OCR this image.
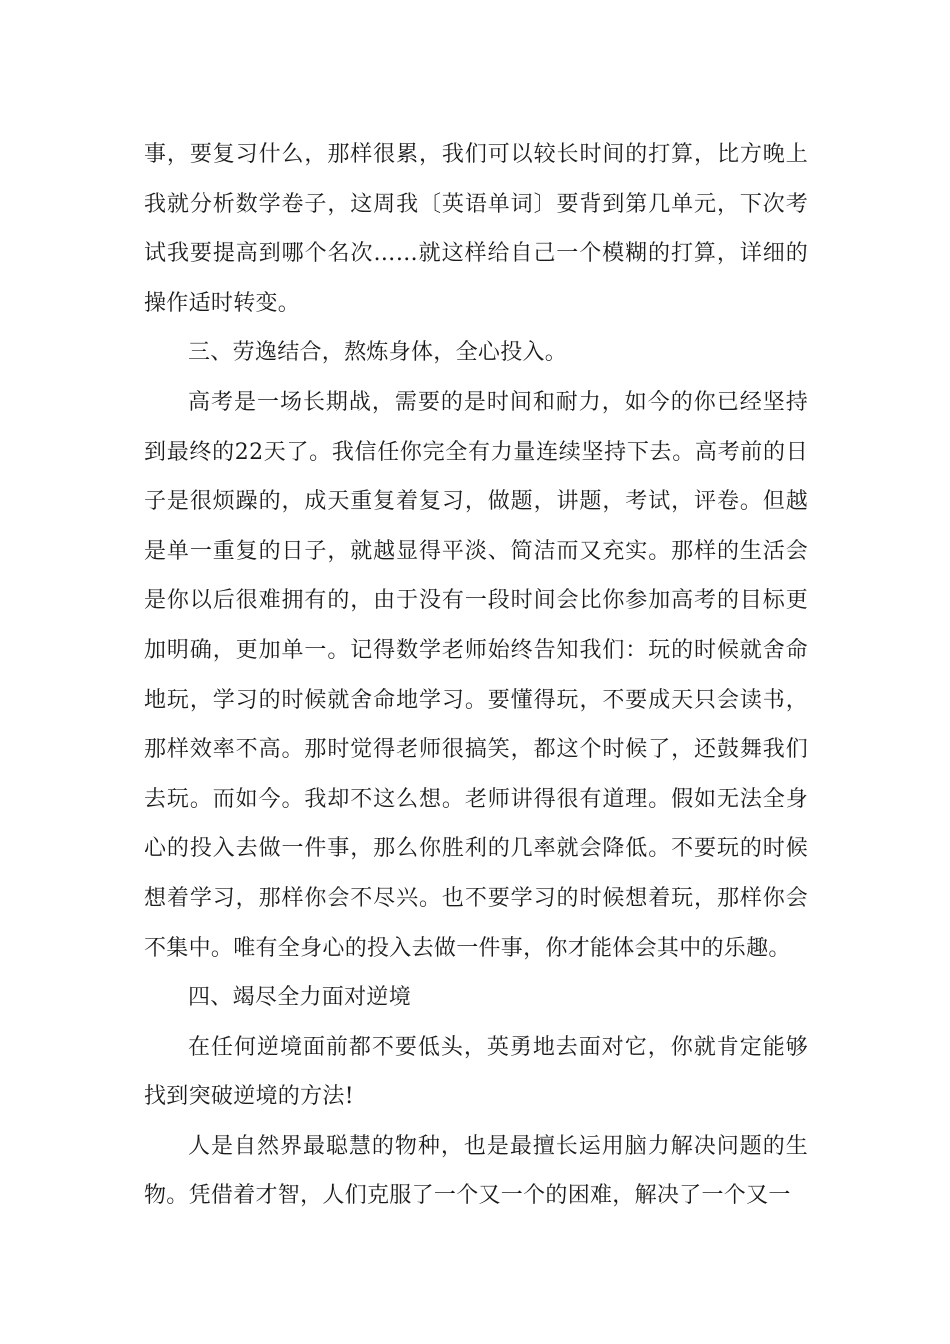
事，要复习什么，那样很累，我们可以较长时间的打算，比方晚上我就分析数学卷子，这周我〔英语单词〕要背到第几单元，下次考试我要提高到哪个名次……就这样给自己一个模糊的打算，详细的操作适时转变。

三、劳逸结合，熬炼身体，全心投入。

高考是一场长期战，需要的是时间和耐力，如今的你已经坚持到最终的22天了。我信任你完全有力量连续坚持下去。高考前的日子是很烦躁的，成天重复着复习，做题，讲题，考试，评卷。但越是单一重复的日子，就越显得平淡、简洁而又充实。那样的生活会是你以后很难拥有的，由于没有一段时间会比你参加高考的目标更加明确，更加单一。记得数学老师始终告知我们：玩的时候就舍命地玩，学习的时候就舍命地学习。要懂得玩，不要成天只会读书，那样效率不高。那时觉得老师很搞笑，都这个时候了，还鼓舞我们去玩。而如今。我却不这么想。老师讲得很有道理。假如无法全身心的投入去做一件事，那么你胜利的几率就会降低。不要玩的时候想着学习，那样你会不尽兴。也不要学习的时候想着玩，那样你会不集中。唯有全身心的投入去做一件事，你才能体会其中的乐趣。

四、竭尽全力面对逆境

在任何逆境面前都不要低头，英勇地去面对它，你就肯定能够找到突破逆境的方法!

人是自然界最聪慧的物种，也是最擅长运用脑力解决问题的生物。凭借着才智，人们克服了一个又一个的困难，解决了一个又一
